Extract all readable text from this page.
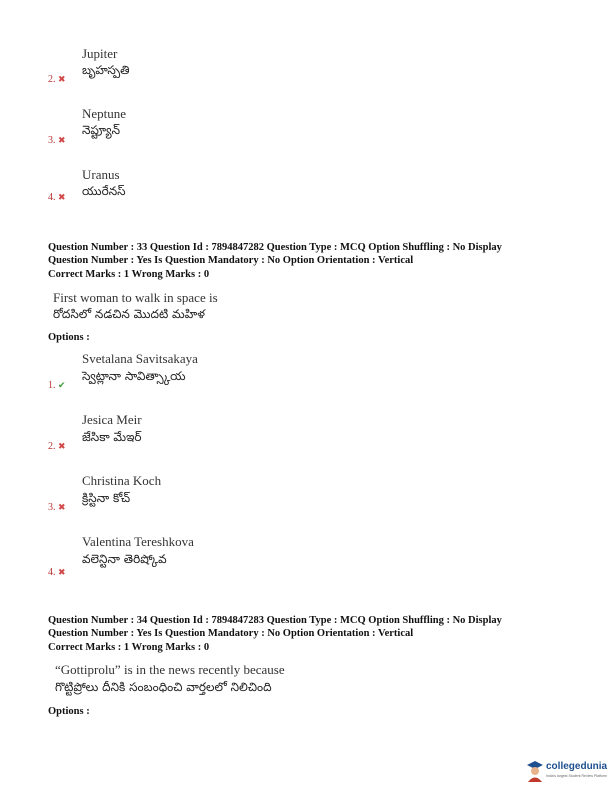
Jupiter
బృహస్పతి
2. ✖
Neptune
నెప్ట్యూన్
3. ✖
Uranus
యురేనస్
4. ✖
Question Number : 33 Question Id : 7894847282 Question Type : MCQ Option Shuffling : No Display
Question Number : Yes Is Question Mandatory : No Option Orientation : Vertical
Correct Marks : 1 Wrong Marks : 0
First woman to walk in space is
రోదసిలో నడచిన మొదటి మహిళ
Options :
Svetalana Savitsakaya
స్వెట్లానా సావిత్స్కాయ
1. ✔
Jesica Meir
జేసికా మేఇర్
2. ✖
Christina Koch
క్రిస్టినా కోచ్
3. ✖
Valentina Tereshkova
వలెన్టినా తెరిష్కోవ
4. ✖
Question Number : 34 Question Id : 7894847283 Question Type : MCQ Option Shuffling : No Display
Question Number : Yes Is Question Mandatory : No Option Orientation : Vertical
Correct Marks : 1 Wrong Marks : 0
“Gottiprolu” is in the news recently because
గొట్టిప్రోలు దీనికి సంబంధించి వార్తలలో నిలిచింది
Options :
collegedunia
India's largest Student Review Platform
